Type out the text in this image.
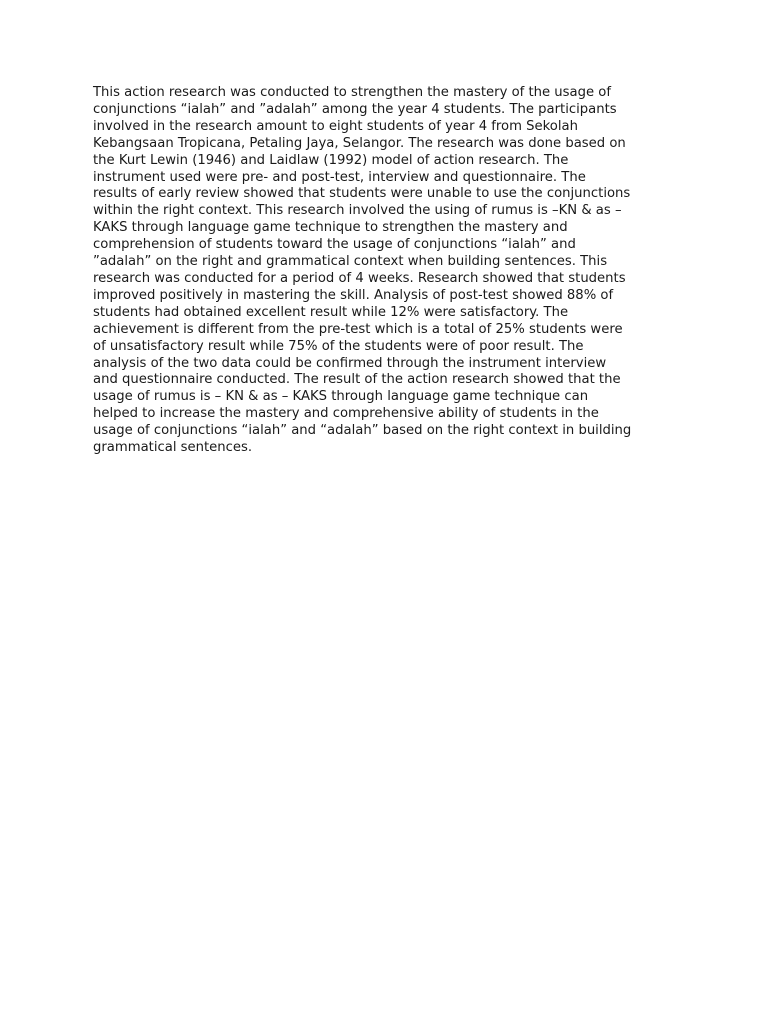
This action research was conducted to strengthen the mastery of the usage of
conjunctions “ialah” and ”adalah” among the year 4 students. The participants
involved in the research amount to eight students of year 4 from Sekolah
Kebangsaan Tropicana, Petaling Jaya, Selangor. The research was done based on
the Kurt Lewin (1946) and Laidlaw (1992) model of action research. The
instrument used were pre- and post-test, interview and questionnaire. The
results of early review showed that students were unable to use the conjunctions
within the right context. This research involved the using of rumus is –KN & as –
KAKS through language game technique to strengthen the mastery and
comprehension of students toward the usage of conjunctions “ialah” and
”adalah” on the right and grammatical context when building sentences. This
research was conducted for a period of 4 weeks. Research showed that students
improved positively in mastering the skill. Analysis of post-test showed 88% of
students had obtained excellent result while 12% were satisfactory. The
achievement is different from the pre-test which is a total of 25% students were
of unsatisfactory result while 75% of the students were of poor result. The
analysis of the two data could be confirmed through the instrument interview
and questionnaire conducted. The result of the action research showed that the
usage of rumus is – KN & as – KAKS through language game technique can
helped to increase the mastery and comprehensive ability of students in the
usage of conjunctions “ialah” and “adalah” based on the right context in building
grammatical sentences.
